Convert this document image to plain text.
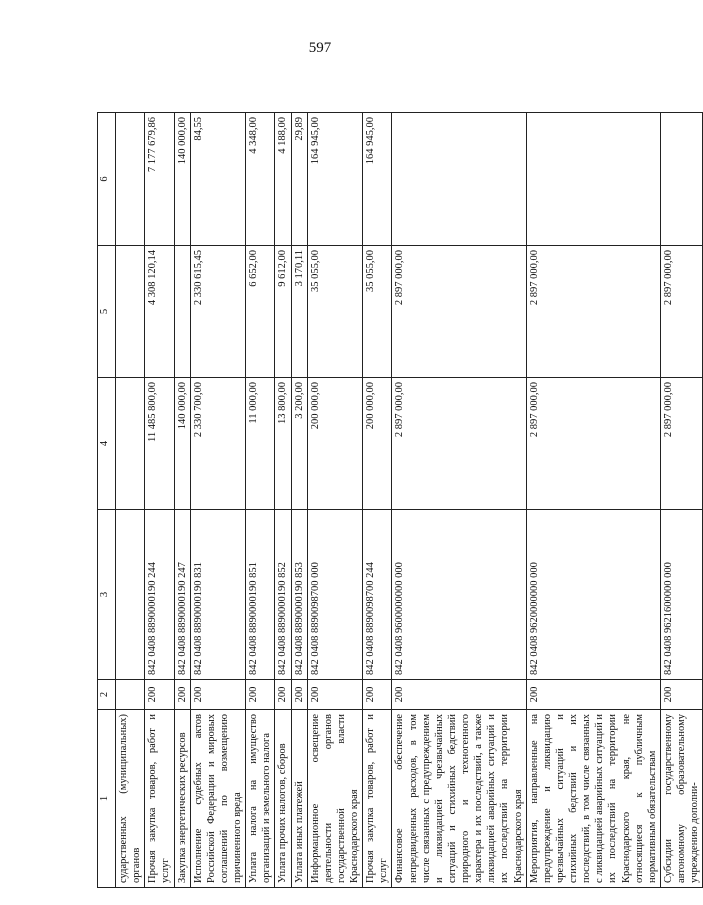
597
1	2	3	4	5	6
сударственных (муниципальных) органов					
Прочая закупка товаров, работ и услуг	200	842 0408 8890000190 244	11 485 800,00	4 308 120,14	7 177 679,86
Закупка энергетических ресурсов	200	842 0408 8890000190 247	140 000,00		140 000,00
Исполнение судебных актов Российской Федерации и мировых соглашений по возмещению причиненного вреда	200	842 0408 8890000190 831	2 330 700,00	2 330 615,45	84,55
Уплата налога на имущество организаций и земельного налога	200	842 0408 8890000190 851	11 000,00	6 652,00	4 348,00
Уплата прочих налогов, сборов	200	842 0408 8890000190 852	13 800,00	9 612,00	4 188,00
Уплата иных платежей	200	842 0408 8890000190 853	3 200,00	3 170,11	29,89
Информационное освещение деятельности органов государственной власти Краснодарского края	200	842 0408 8890098700 000	200 000,00	35 055,00	164 945,00
Прочая закупка товаров, работ и услуг	200	842 0408 8890098700 244	200 000,00	35 055,00	164 945,00
Финансовое обеспечение непредвиденных расходов, в том числе связанных с предупреждением и ликвидацией чрезвычайных ситуаций и стихийных бедствий природного и техногенного характера и их последствий, а также ликвидацией аварийных ситуаций и их последствий на территории Краснодарского края	200	842 0408 9600000000 000	2 897 000,00	2 897 000,00	
Мероприятия, направленные на предупреждение и ликвидацию чрезвычайных ситуаций и стихийных бедствий и их последствий, в том числе связанных с ликвидацией аварийных ситуаций и их последствий на территории Краснодарского края, не относящиеся к публичным нормативным обязательствам	200	842 0408 9620000000 000	2 897 000,00	2 897 000,00	
Субсидии государственному автономному образовательному учреждению дополни-	200	842 0408 9621600000 000	2 897 000,00	2 897 000,00	
